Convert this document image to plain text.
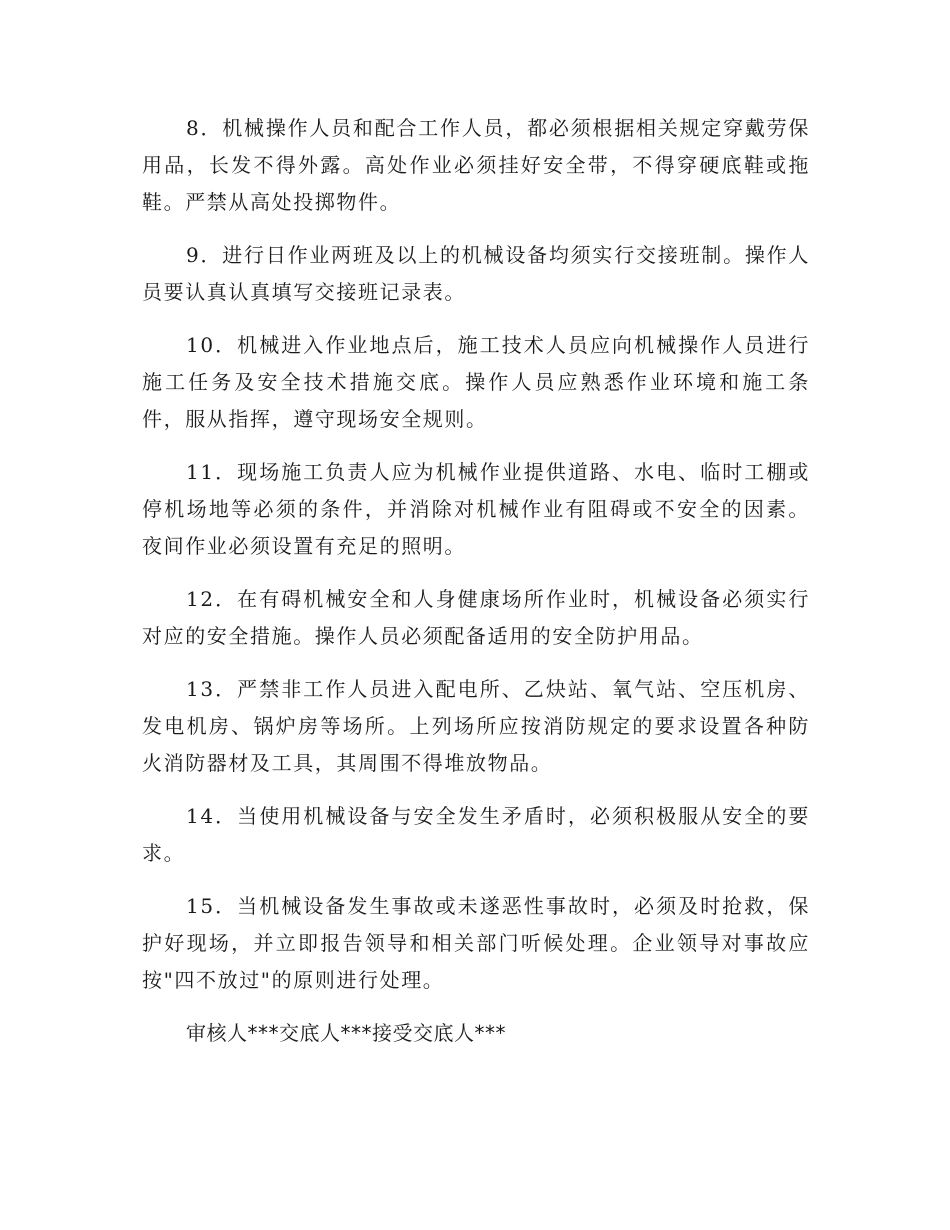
8．机械操作人员和配合工作人员，都必须根据相关规定穿戴劳保用品，长发不得外露。高处作业必须挂好安全带，不得穿硬底鞋或拖鞋。严禁从高处投掷物件。

9．进行日作业两班及以上的机械设备均须实行交接班制。操作人员要认真认真填写交接班记录表。

10．机械进入作业地点后，施工技术人员应向机械操作人员进行施工任务及安全技术措施交底。操作人员应熟悉作业环境和施工条件，服从指挥，遵守现场安全规则。

11．现场施工负责人应为机械作业提供道路、水电、临时工棚或停机场地等必须的条件，并消除对机械作业有阻碍或不安全的因素。夜间作业必须设置有充足的照明。

12．在有碍机械安全和人身健康场所作业时，机械设备必须实行对应的安全措施。操作人员必须配备适用的安全防护用品。

13．严禁非工作人员进入配电所、乙炔站、氧气站、空压机房、发电机房、锅炉房等场所。上列场所应按消防规定的要求设置各种防火消防器材及工具，其周围不得堆放物品。

14．当使用机械设备与安全发生矛盾时，必须积极服从安全的要求。

15．当机械设备发生事故或未遂恶性事故时，必须及时抢救，保护好现场，并立即报告领导和相关部门听候处理。企业领导对事故应按"四不放过"的原则进行处理。

审核人***交底人***接受交底人***
